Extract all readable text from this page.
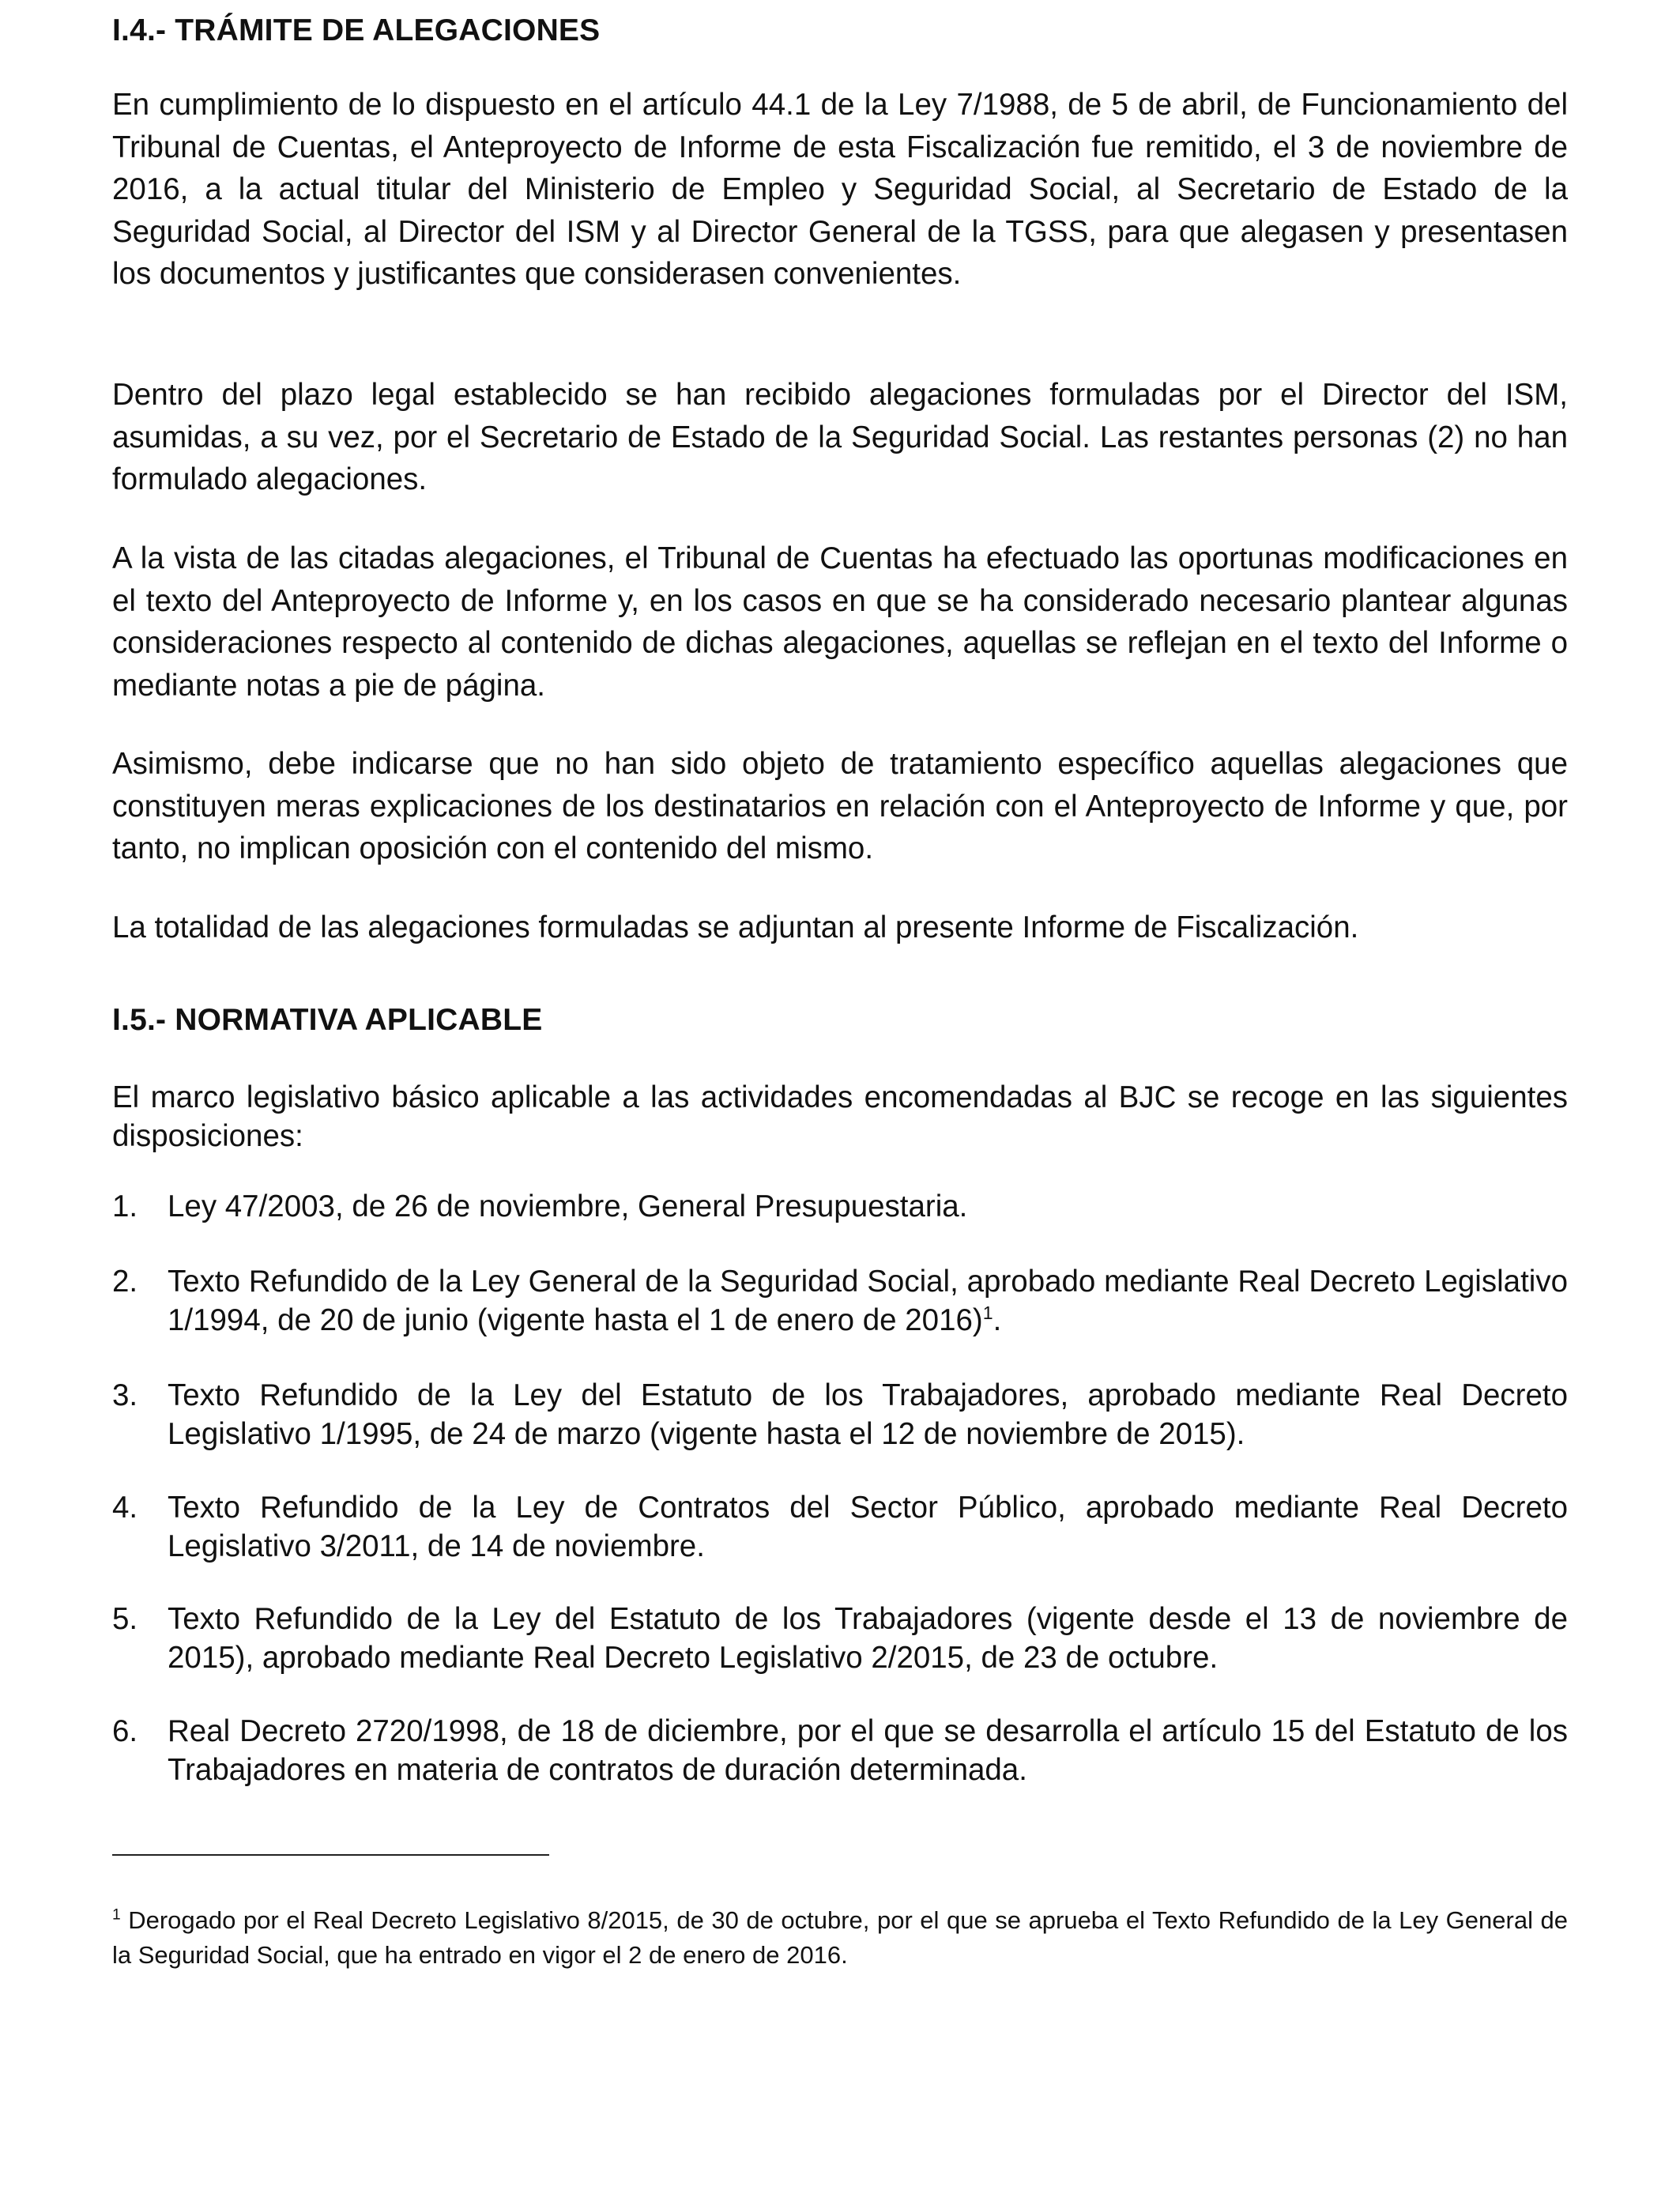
I.4.- TRÁMITE DE ALEGACIONES

En cumplimiento de lo dispuesto en el artículo 44.1 de la Ley 7/1988, de 5 de abril, de Funcionamiento del Tribunal de Cuentas, el Anteproyecto de Informe de esta Fiscalización fue remitido, el 3 de noviembre de 2016, a la actual titular del Ministerio de Empleo y Seguridad Social, al Secretario de Estado de la Seguridad Social, al Director del ISM y al Director General de la TGSS, para que alegasen y presentasen los documentos y justificantes que considerasen convenientes.

Dentro del plazo legal establecido se han recibido alegaciones formuladas por el Director del ISM, asumidas, a su vez, por el Secretario de Estado de la Seguridad Social. Las restantes personas (2) no han formulado alegaciones.

A la vista de las citadas alegaciones, el Tribunal de Cuentas ha efectuado las oportunas modificaciones en el texto del Anteproyecto de Informe y, en los casos en que se ha considerado necesario plantear algunas consideraciones respecto al contenido de dichas alegaciones, aquellas se reflejan en el texto del Informe o mediante notas a pie de página.

Asimismo, debe indicarse que no han sido objeto de tratamiento específico aquellas alegaciones que constituyen meras explicaciones de los destinatarios en relación con el Anteproyecto de Informe y que, por tanto, no implican oposición con el contenido del mismo.

La totalidad de las alegaciones formuladas se adjuntan al presente Informe de Fiscalización.

I.5.- NORMATIVA APLICABLE

El marco legislativo básico aplicable a las actividades encomendadas al BJC se recoge en las siguientes disposiciones:

1. Ley 47/2003, de 26 de noviembre, General Presupuestaria.
2. Texto Refundido de la Ley General de la Seguridad Social, aprobado mediante Real Decreto Legislativo 1/1994, de 20 de junio (vigente hasta el 1 de enero de 2016)$^1$.
3. Texto Refundido de la Ley del Estatuto de los Trabajadores, aprobado mediante Real Decreto Legislativo 1/1995, de 24 de marzo (vigente hasta el 12 de noviembre de 2015).
4. Texto Refundido de la Ley de Contratos del Sector Público, aprobado mediante Real Decreto Legislativo 3/2011, de 14 de noviembre.
5. Texto Refundido de la Ley del Estatuto de los Trabajadores (vigente desde el 13 de noviembre de 2015), aprobado mediante Real Decreto Legislativo 2/2015, de 23 de octubre.
6. Real Decreto 2720/1998, de 18 de diciembre, por el que se desarrolla el artículo 15 del Estatuto de los Trabajadores en materia de contratos de duración determinada.

$^1$ Derogado por el Real Decreto Legislativo 8/2015, de 30 de octubre, por el que se aprueba el Texto Refundido de la Ley General de la Seguridad Social, que ha entrado en vigor el 2 de enero de 2016.
